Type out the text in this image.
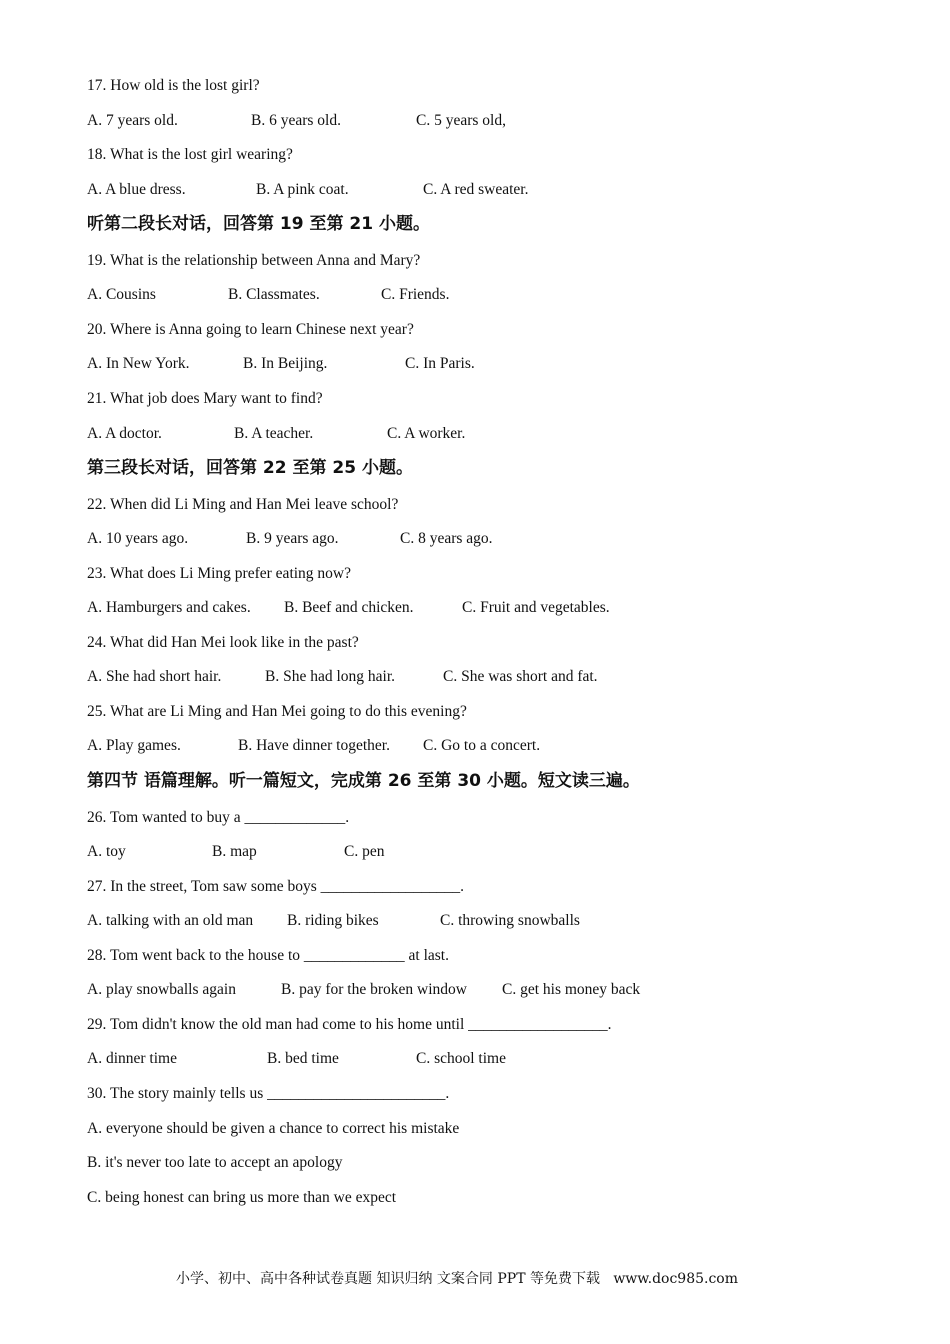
17. How old is the lost girl?
A. 7 years old.	B. 6 years old.	C. 5 years old,
18. What is the lost girl wearing?
A. A blue dress.	B. A pink coat.	C. A red sweater.
听第二段长对话，回答第 19 至第 21 小题。
19. What is the relationship between Anna and Mary?
A. Cousins	B. Classmates.	C. Friends.
20. Where is Anna going to learn Chinese next year?
A. In New York.	B. In Beijing.	C. In Paris.
21. What job does Mary want to find?
A. A doctor.	B. A teacher.	C. A worker.
第三段长对话，回答第 22 至第 25 小题。
22. When did Li Ming and Han Mei leave school?
A. 10 years ago.	B. 9 years ago.	C. 8 years ago.
23. What does Li Ming prefer eating now?
A. Hamburgers and cakes. B. Beef and chicken.	C. Fruit and vegetables.
24. What did Han Mei look like in the past?
A. She had short hair.	B. She had long hair.	C. She was short and fat.
25. What are Li Ming and Han Mei going to do this evening?
A. Play games.	B. Have dinner together. C. Go to a concert.
第四节 语篇理解。听一篇短文，完成第 26 至第 30 小题。短文读三遍。
26. Tom wanted to buy a _____________.
A. toy	B. map	C. pen
27. In the street, Tom saw some boys __________________.
A. talking with an old man B. riding bikes	C. throwing snowballs
28. Tom went back to the house to _____________ at last.
A. play snowballs again	B. pay for the broken window C. get his money back
29. Tom didn't know the old man had come to his home until __________________.
A. dinner time	B. bed time	C. school time
30. The story mainly tells us _______________________.
A. everyone should be given a chance to correct his mistake
B. it's never too late to accept an apology
C. being honest can bring us more than we expect
小学、初中、高中各种试卷真题 知识归纳 文案合同 PPT 等免费下载   www.doc985.com
